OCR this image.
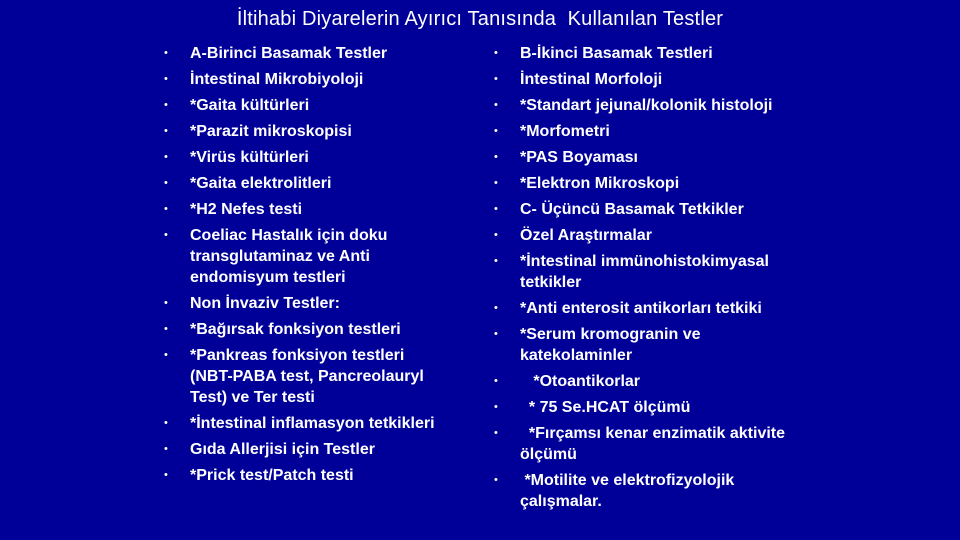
İltihabi Diyarelerin Ayırıcı Tanısında  Kullanılan Testler
• A-Birinci Basamak Testler
• İntestinal Mikrobiyoloji
• *Gaita kültürleri
• *Parazit mikroskopisi
• *Virüs kültürleri
• *Gaita elektrolitleri
• *H2 Nefes testi
• Coeliac Hastalık için doku transglutaminaz ve Anti endomisyum testleri
• Non İnvaziv Testler:
• *Bağırsak fonksiyon testleri
• *Pankreas fonksiyon testleri (NBT-PABA test, Pancreolauryl Test) ve Ter testi
• *İntestinal inflamasyon tetkikleri
• Gıda Allerjisi için Testler
• *Prick test/Patch testi
• B-İkinci Basamak Testleri
• İntestinal Morfoloji
• *Standart jejunal/kolonik histoloji
• *Morfometri
• *PAS Boyaması
• *Elektron Mikroskopi
• C- Üçüncü Basamak Tetkikler
• Özel Araştırmalar
• *İntestinal immünohistokimyasal tetkikler
• *Anti enterosit antikorları tetkiki
• *Serum kromogranin ve katekolaminler
• *Otoantikorlar
• * 75 Se.HCAT ölçümü
• *Fırçamsı kenar enzimatik aktivite ölçümü
• *Motilite ve elektrofizyolojik çalışmalar.
